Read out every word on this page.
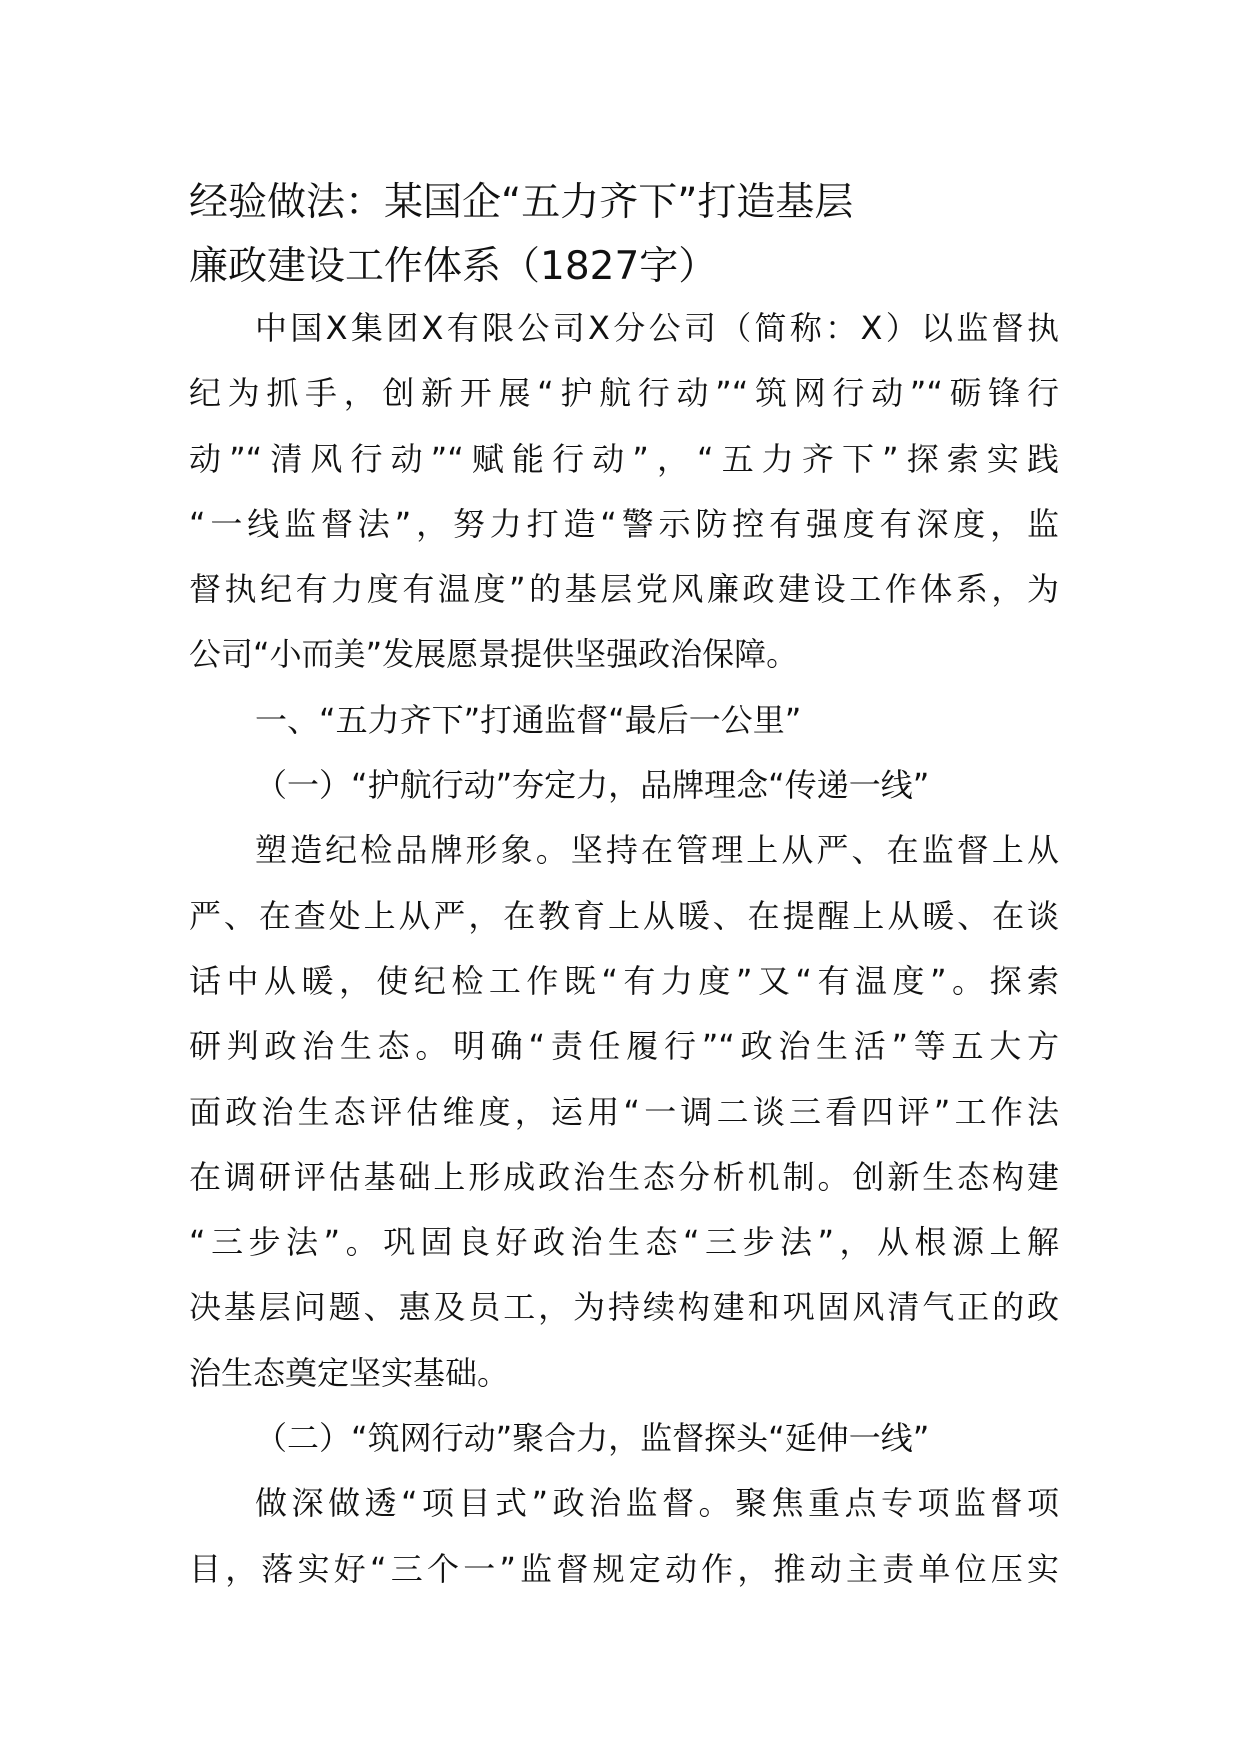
经验做法：某国企“五力齐下”打造基层
廉政建设工作体系（1827字）
中国X集团X有限公司X分公司（简称：X）以监督执
纪为抓手，创新开展“护航行动”“筑网行动”“砺锋行
动”“清风行动”“赋能行动”，“五力齐下”探索实践
“一线监督法”，努力打造“警示防控有强度有深度，监
督执纪有力度有温度”的基层党风廉政建设工作体系，为
公司“小而美”发展愿景提供坚强政治保障。
一、“五力齐下”打通监督“最后一公里”
（一）“护航行动”夯定力，品牌理念“传递一线”
塑造纪检品牌形象。坚持在管理上从严、在监督上从
严、在查处上从严，在教育上从暖、在提醒上从暖、在谈
话中从暖，使纪检工作既“有力度”又“有温度”。探索
研判政治生态。明确“责任履行”“政治生活”等五大方
面政治生态评估维度，运用“一调二谈三看四评”工作法
在调研评估基础上形成政治生态分析机制。创新生态构建
“三步法”。巩固良好政治生态“三步法”，从根源上解
决基层问题、惠及员工，为持续构建和巩固风清气正的政
治生态奠定坚实基础。
（二）“筑网行动”聚合力，监督探头“延伸一线”
做深做透“项目式”政治监督。聚焦重点专项监督项
目，落实好“三个一”监督规定动作，推动主责单位压实
